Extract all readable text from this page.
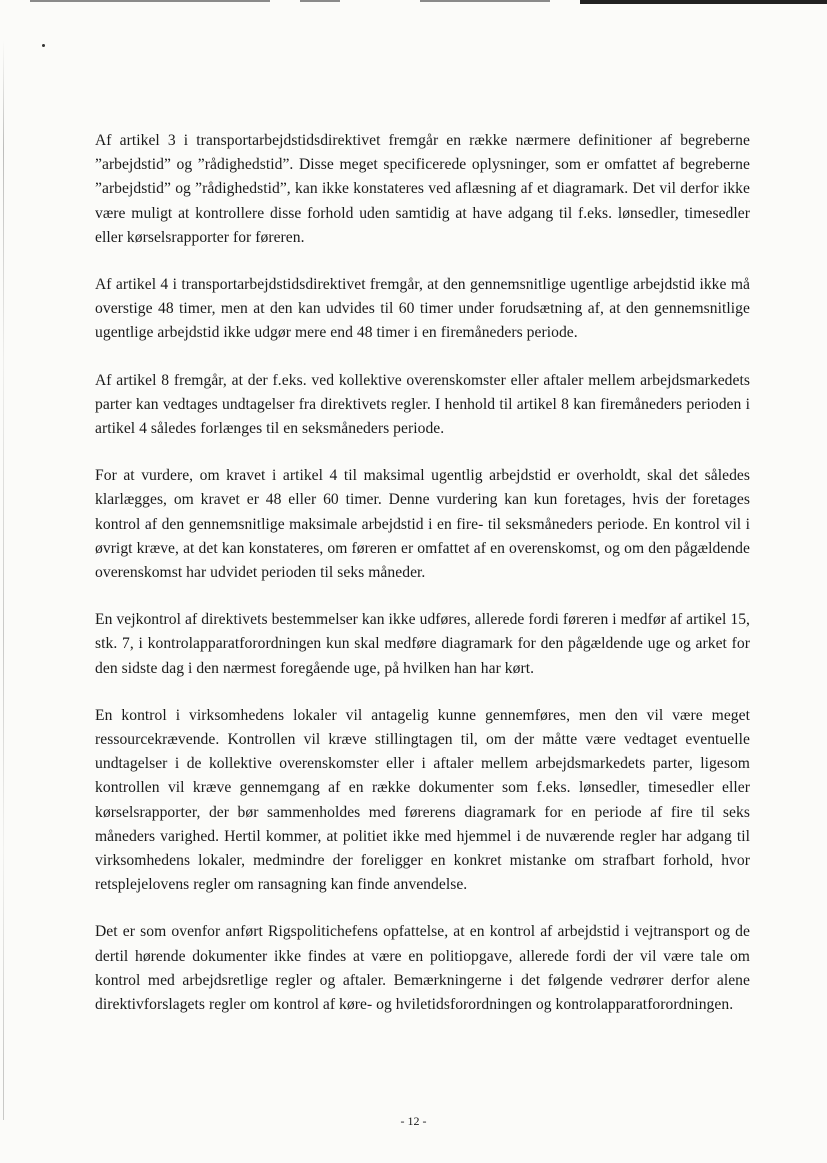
Af artikel 3 i transportarbejdstidsdirektivet fremgår en række nærmere definitioner af begreberne ”arbejdstid” og ”rådighedstid”. Disse meget specificerede oplysninger, som er omfattet af begreberne ”arbejdstid” og ”rådighedstid”, kan ikke konstateres ved aflæsning af et diagramark. Det vil derfor ikke være muligt at kontrollere disse forhold uden samtidig at have adgang til f.eks. lønsedler, timesedler eller kørselsrapporter for føreren.

Af artikel 4 i transportarbejdstidsdirektivet fremgår, at den gennemsnitlige ugentlige arbejdstid ikke må overstige 48 timer, men at den kan udvides til 60 timer under forudsætning af, at den gennemsnitlige ugentlige arbejdstid ikke udgør mere end 48 timer i en firemåneders periode.

Af artikel 8 fremgår, at der f.eks. ved kollektive overenskomster eller aftaler mellem arbejdsmarkedets parter kan vedtages undtagelser fra direktivets regler. I henhold til artikel 8 kan firemåneders perioden i artikel 4 således forlænges til en seksmåneders periode.

For at vurdere, om kravet i artikel 4 til maksimal ugentlig arbejdstid er overholdt, skal det således klarlægges, om kravet er 48 eller 60 timer. Denne vurdering kan kun foretages, hvis der foretages kontrol af den gennemsnitlige maksimale arbejdstid i en fire- til seksmåneders periode. En kontrol vil i øvrigt kræve, at det kan konstateres, om føreren er omfattet af en overenskomst, og om den pågældende overenskomst har udvidet perioden til seks måneder.

En vejkontrol af direktivets bestemmelser kan ikke udføres, allerede fordi føreren i medfør af artikel 15, stk. 7, i kontrolapparatforordningen kun skal medføre diagramark for den pågældende uge og arket for den sidste dag i den nærmest foregående uge, på hvilken han har kørt.

En kontrol i virksomhedens lokaler vil antagelig kunne gennemføres, men den vil være meget ressourcekrævende. Kontrollen vil kræve stillingtagen til, om der måtte være vedtaget eventuelle undtagelser i de kollektive overenskomster eller i aftaler mellem arbejdsmarkedets parter, ligesom kontrollen vil kræve gennemgang af en række dokumenter som f.eks. lønsedler, timesedler eller kørselsrapporter, der bør sammenholdes med førerens diagramark for en periode af fire til seks måneders varighed. Hertil kommer, at politiet ikke med hjemmel i de nuværende regler har adgang til virksomhedens lokaler, medmindre der foreligger en konkret mistanke om strafbart forhold, hvor retsplejelovens regler om ransagning kan finde anvendelse.

Det er som ovenfor anført Rigspolitichefens opfattelse, at en kontrol af arbejdstid i vejtransport og de dertil hørende dokumenter ikke findes at være en politiopgave, allerede fordi der vil være tale om kontrol med arbejdsretlige regler og aftaler. Bemærkningerne i det følgende vedrører derfor alene direktivforslagets regler om kontrol af køre- og hviletidsforordningen og kontrolapparatforordningen.

- 12 -
